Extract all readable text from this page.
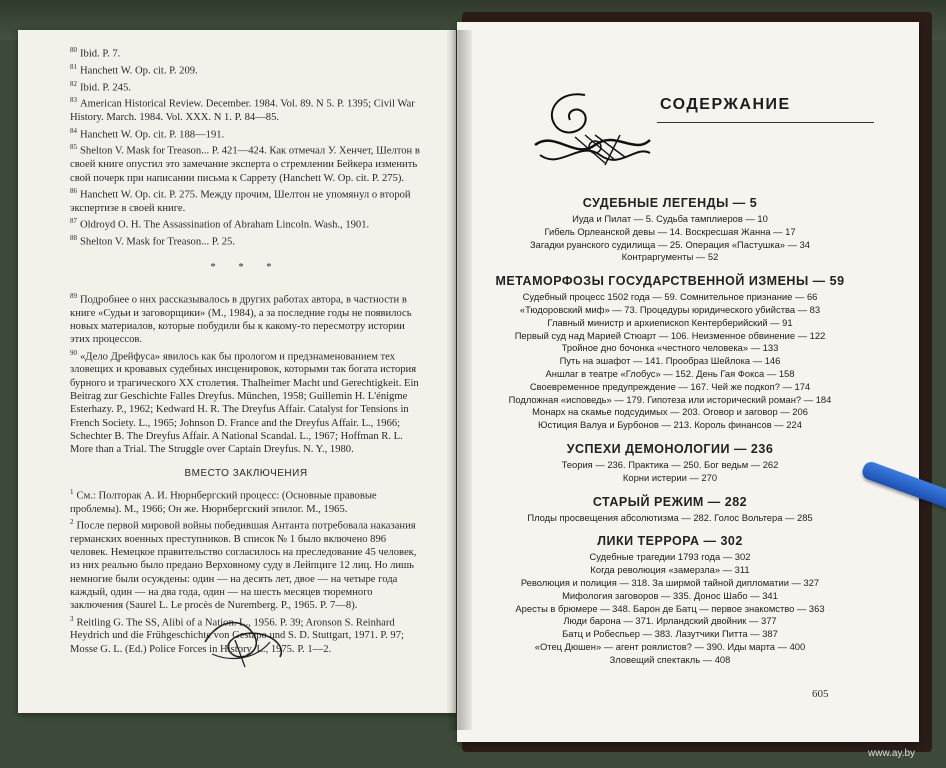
$^{80}$ Ibid. P. 7.

$^{81}$ Hanchett W. Op. cit. P. 209.

$^{82}$ Ibid. P. 245.

$^{83}$ American Historical Review. December. 1984. Vol. 89. N 5. P. 1395; Civil War History. March. 1984. Vol. XXX. N 1. P. 84—85.

$^{84}$ Hanchett W. Op. cit. P. 188—191.

$^{85}$ Shelton V. Mask for Treason... P. 421—424. Как отмечал У. Хенчет, Шелтон в своей книге опустил это замечание эксперта о стремлении Бейкера изменить свой почерк при написании письма к Саррету (Hanchett W. Op. cit. P. 275).

$^{86}$ Hanchett W. Op. cit. P. 275. Между прочим, Шелтон не упомянул о второй экспертизе в своей книге.

$^{87}$ Oldroyd O. H. The Assassination of Abraham Lincoln. Wash., 1901.

$^{88}$ Shelton V. Mask for Treason... P. 25.

* * *

$^{89}$ Подробнее о них рассказывалось в других работах автора, в частности в книге «Судьи и заговорщики» (М., 1984), а за последние годы не появилось новых материалов, которые побудили бы к какому-то пересмотру истории этих процессов.

$^{90}$ «Дело Дрейфуса» явилось как бы прологом и предзнаменованием тех зловещих и кровавых судебных инсценировок, которыми так богата история бурного и трагического XX столетия. Thalheimer Macht und Gerechtigkeit. Ein Beitrag zur Geschichte Falles Dreyfus. München, 1958; Guillemin H. L'énigme Esterhazy. P., 1962; Kedward H. R. The Dreyfus Affair. Catalyst for Tensions in French Society. L., 1965; Johnson D. France and the Dreyfus Affair. L., 1966; Schechter B. The Dreyfus Affair. A National Scandal. L., 1967; Hoffman R. L. More than a Trial. The Struggle over Captain Dreyfus. N. Y., 1980.

ВМЕСТО ЗАКЛЮЧЕНИЯ

$^1$ См.: Полторак А. И. Нюрнбергский процесс: (Основные правовые проблемы). М., 1966; Он же. Нюрнбергский эпилог. М., 1965.

$^2$ После первой мировой войны победившая Антанта потребовала наказания германских военных преступников. В список № 1 было включено 896 человек. Немецкое правительство согласилось на преследование 45 человек, из них реально было предано Верховному суду в Лейпциге 12 лиц. Но лишь немногие были осуждены: один — на десять лет, двое — на четыре года каждый, один — на два года, один — на шесть месяцев тюремного заключения (Saurel L. Le procès de Nuremberg. P., 1965. P. 7—8).

$^3$ Reitling G. The SS, Alibi of a Nation. L., 1956. P. 39; Aronson S. Reinhard Heydrich und die Frühgeschichte von Gestapo und S. D. Stuttgart, 1971. P. 97; Mosse G. L. (Ed.) Police Forces in History. L., 1975. P. 1—2.

СОДЕРЖАНИЕ
СУДЕБНЫЕ ЛЕГЕНДЫ — 5
Иуда и Пилат — 5. Судьба тамплиеров — 10
Гибель Орлеанской девы — 14. Воскресшая Жанна — 17
Загадки руанского судилища — 25. Операция «Пастушка» — 34
Контраргументы — 52
МЕТАМОРФОЗЫ ГОСУДАРСТВЕННОЙ ИЗМЕНЫ — 59
Судебный процесс 1502 года — 59. Сомнительное признание — 66
«Тюдоровский миф» — 73. Процедуры юридического убийства — 83
Главный министр и архиепископ Кентерберийский — 91
Первый суд над Марией Стюарт — 106. Неизменное обвинение — 122
Тройное дно бочонка «честного человека» — 133
Путь на эшафот — 141. Прообраз Шейлока — 146
Аншлаг в театре «Глобус» — 152. День Гая Фокса — 158
Своевременное предупреждение — 167. Чей же подкоп? — 174
Подложная «исповедь» — 179. Гипотеза или исторический роман? — 184
Монарх на скамье подсудимых — 203. Оговор и заговор — 206
Юстиция Валуа и Бурбонов — 213. Король финансов — 224
УСПЕХИ ДЕМОНОЛОГИИ — 236
Теория — 236. Практика — 250. Бог ведьм — 262
Корни истерии — 270
СТАРЫЙ РЕЖИМ — 282
Плоды просвещения абсолютизма — 282. Голос Вольтера — 285
ЛИКИ ТЕРРОРА — 302
Судебные трагедии 1793 года — 302
Когда революция «замерзла» — 311
Революция и полиция — 318. За ширмой тайной дипломатии — 327
Мифология заговоров — 335. Донос Шабо — 341
Аресты в брюмере — 348. Барон де Батц — первое знакомство — 363
Люди барона — 371. Ирландский двойник — 377
Батц и Робеспьер — 383. Лазутчики Питта — 387
«Отец Дюшен» — агент роялистов? — 390. Иды марта — 400
Зловещий спектакль — 408
605
www.ay.by
